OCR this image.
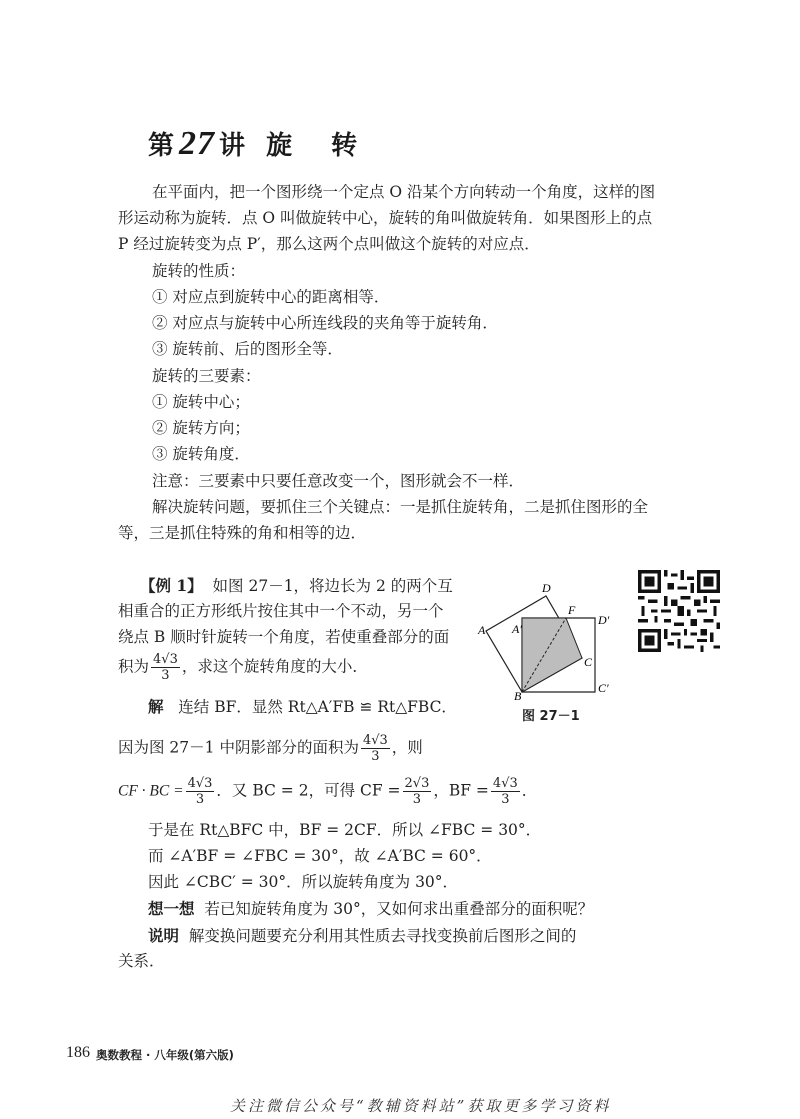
第 27 讲 旋 转

在平面内，把一个图形绕一个定点 O 沿某个方向转动一个角度，这样的图

形运动称为旋转．点 O 叫做旋转中心，旋转的角叫做旋转角．如果图形上的点

P 经过旋转变为点 P′，那么这两个点叫做这个旋转的对应点．

旋转的性质：

① 对应点到旋转中心的距离相等．

② 对应点与旋转中心所连线段的夹角等于旋转角．

③ 旋转前、后的图形全等．

旋转的三要素：

① 旋转中心；

② 旋转方向；

③ 旋转角度．

注意：三要素中只要任意改变一个，图形就会不一样．

解决旋转问题，要抓住三个关键点：一是抓住旋转角，二是抓住图形的全

等，三是抓住特殊的角和相等的边．

【例 1】 如图 27－1，将边长为 2 的两个互

相重合的正方形纸片按住其中一个不动，另一个

绕点 B 顺时针旋转一个角度，若使重叠部分的面

积为 $\frac{4√3}{3}$ ，求这个旋转角度的大小．

解 连结 BF．显然 Rt△A′FB ≌ Rt△FBC．

因为图 27－1 中阴影部分的面积为 $\frac{4√3}{3}$ ，则

CF · BC = $\frac{4√3}{3}$ ．又 BC = 2，可得 CF = $\frac{2√3}{3}$ ，BF = $\frac{4√3}{3}$ ．

于是在 Rt△BFC 中，BF = 2CF．所以 ∠FBC = 30°．

而 ∠A′BF = ∠FBC = 30°，故 ∠A′BC = 60°．

因此 ∠CBC′ = 30°．所以旋转角度为 30°．

想一想 若已知旋转角度为 30°，又如何求出重叠部分的面积呢？

说明 解变换问题要充分利用其性质去寻找变换前后图形之间的

关系．

D
F
D′
A A′
C
B
C′
图 27－1
186 奥数教程 · 八年级(第六版)
关注微信公众号“教辅资料站”获取更多学习资料
